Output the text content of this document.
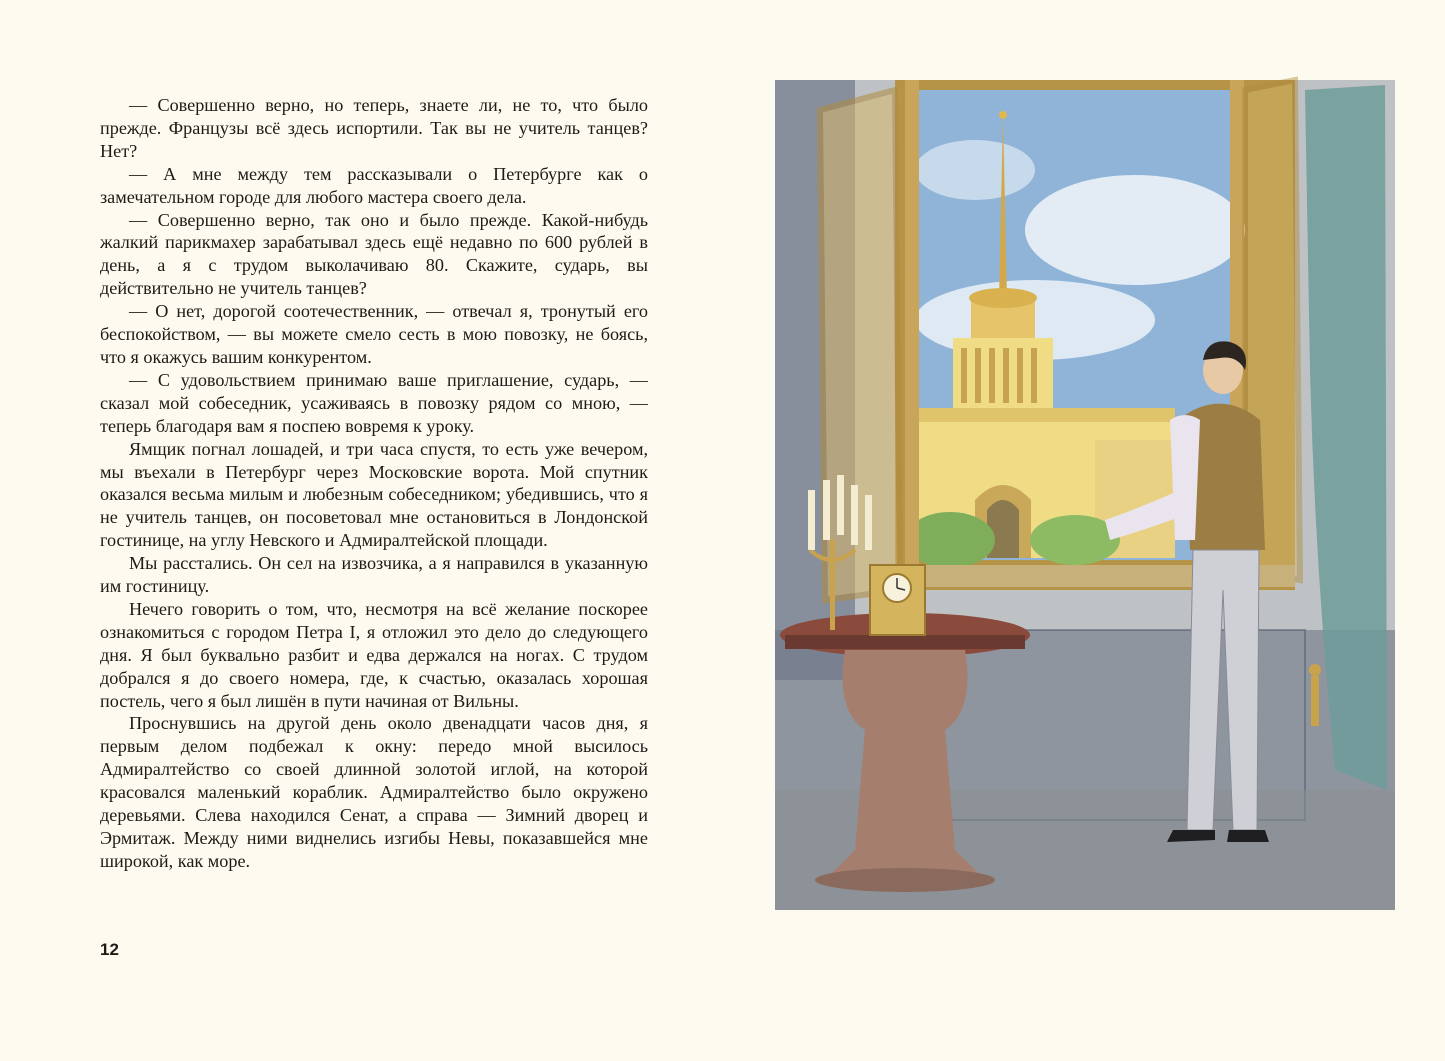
— Совершенно верно, но теперь, знаете ли, не то, что было прежде. Французы всё здесь испортили. Так вы не учитель танцев? Нет?

— А мне между тем рассказывали о Петербурге как о замечательном городе для любого мастера своего дела.

— Совершенно верно, так оно и было прежде. Какой-нибудь жалкий парикмахер зарабатывал здесь ещё недавно по 600 рублей в день, а я с трудом выколачиваю 80. Скажите, сударь, вы действительно не учитель танцев?

— О нет, дорогой соотечественник, — отвечал я, тронутый его беспокойством, — вы можете смело сесть в мою повозку, не боясь, что я окажусь вашим конкурентом.

— С удовольствием принимаю ваше приглашение, сударь, — сказал мой собеседник, усаживаясь в повозку рядом со мною, — теперь благодаря вам я поспею вовремя к уроку.

Ямщик погнал лошадей, и три часа спустя, то есть уже вечером, мы въехали в Петербург через Московские ворота. Мой спутник оказался весьма милым и любезным собеседником; убедившись, что я не учитель танцев, он посоветовал мне остановиться в Лондонской гостинице, на углу Невского и Адмиралтейской площади.

Мы расстались. Он сел на извозчика, а я направился в указанную им гостиницу.

Нечего говорить о том, что, несмотря на всё желание поскорее ознакомиться с городом Петра I, я отложил это дело до следующего дня. Я был буквально разбит и едва держался на ногах. С трудом добрался я до своего номера, где, к счастью, оказалась хорошая постель, чего я был лишён в пути начиная от Вильны.

Проснувшись на другой день около двенадцати часов дня, я первым делом подбежал к окну: передо мной высилось Адмиралтейство со своей длинной золотой иглой, на которой красовался маленький кораблик. Адмиралтейство было окружено деревьями. Слева находился Сенат, а справа — Зимний дворец и Эрмитаж. Между ними виднелись изгибы Невы, показавшейся мне широкой, как море.

12
